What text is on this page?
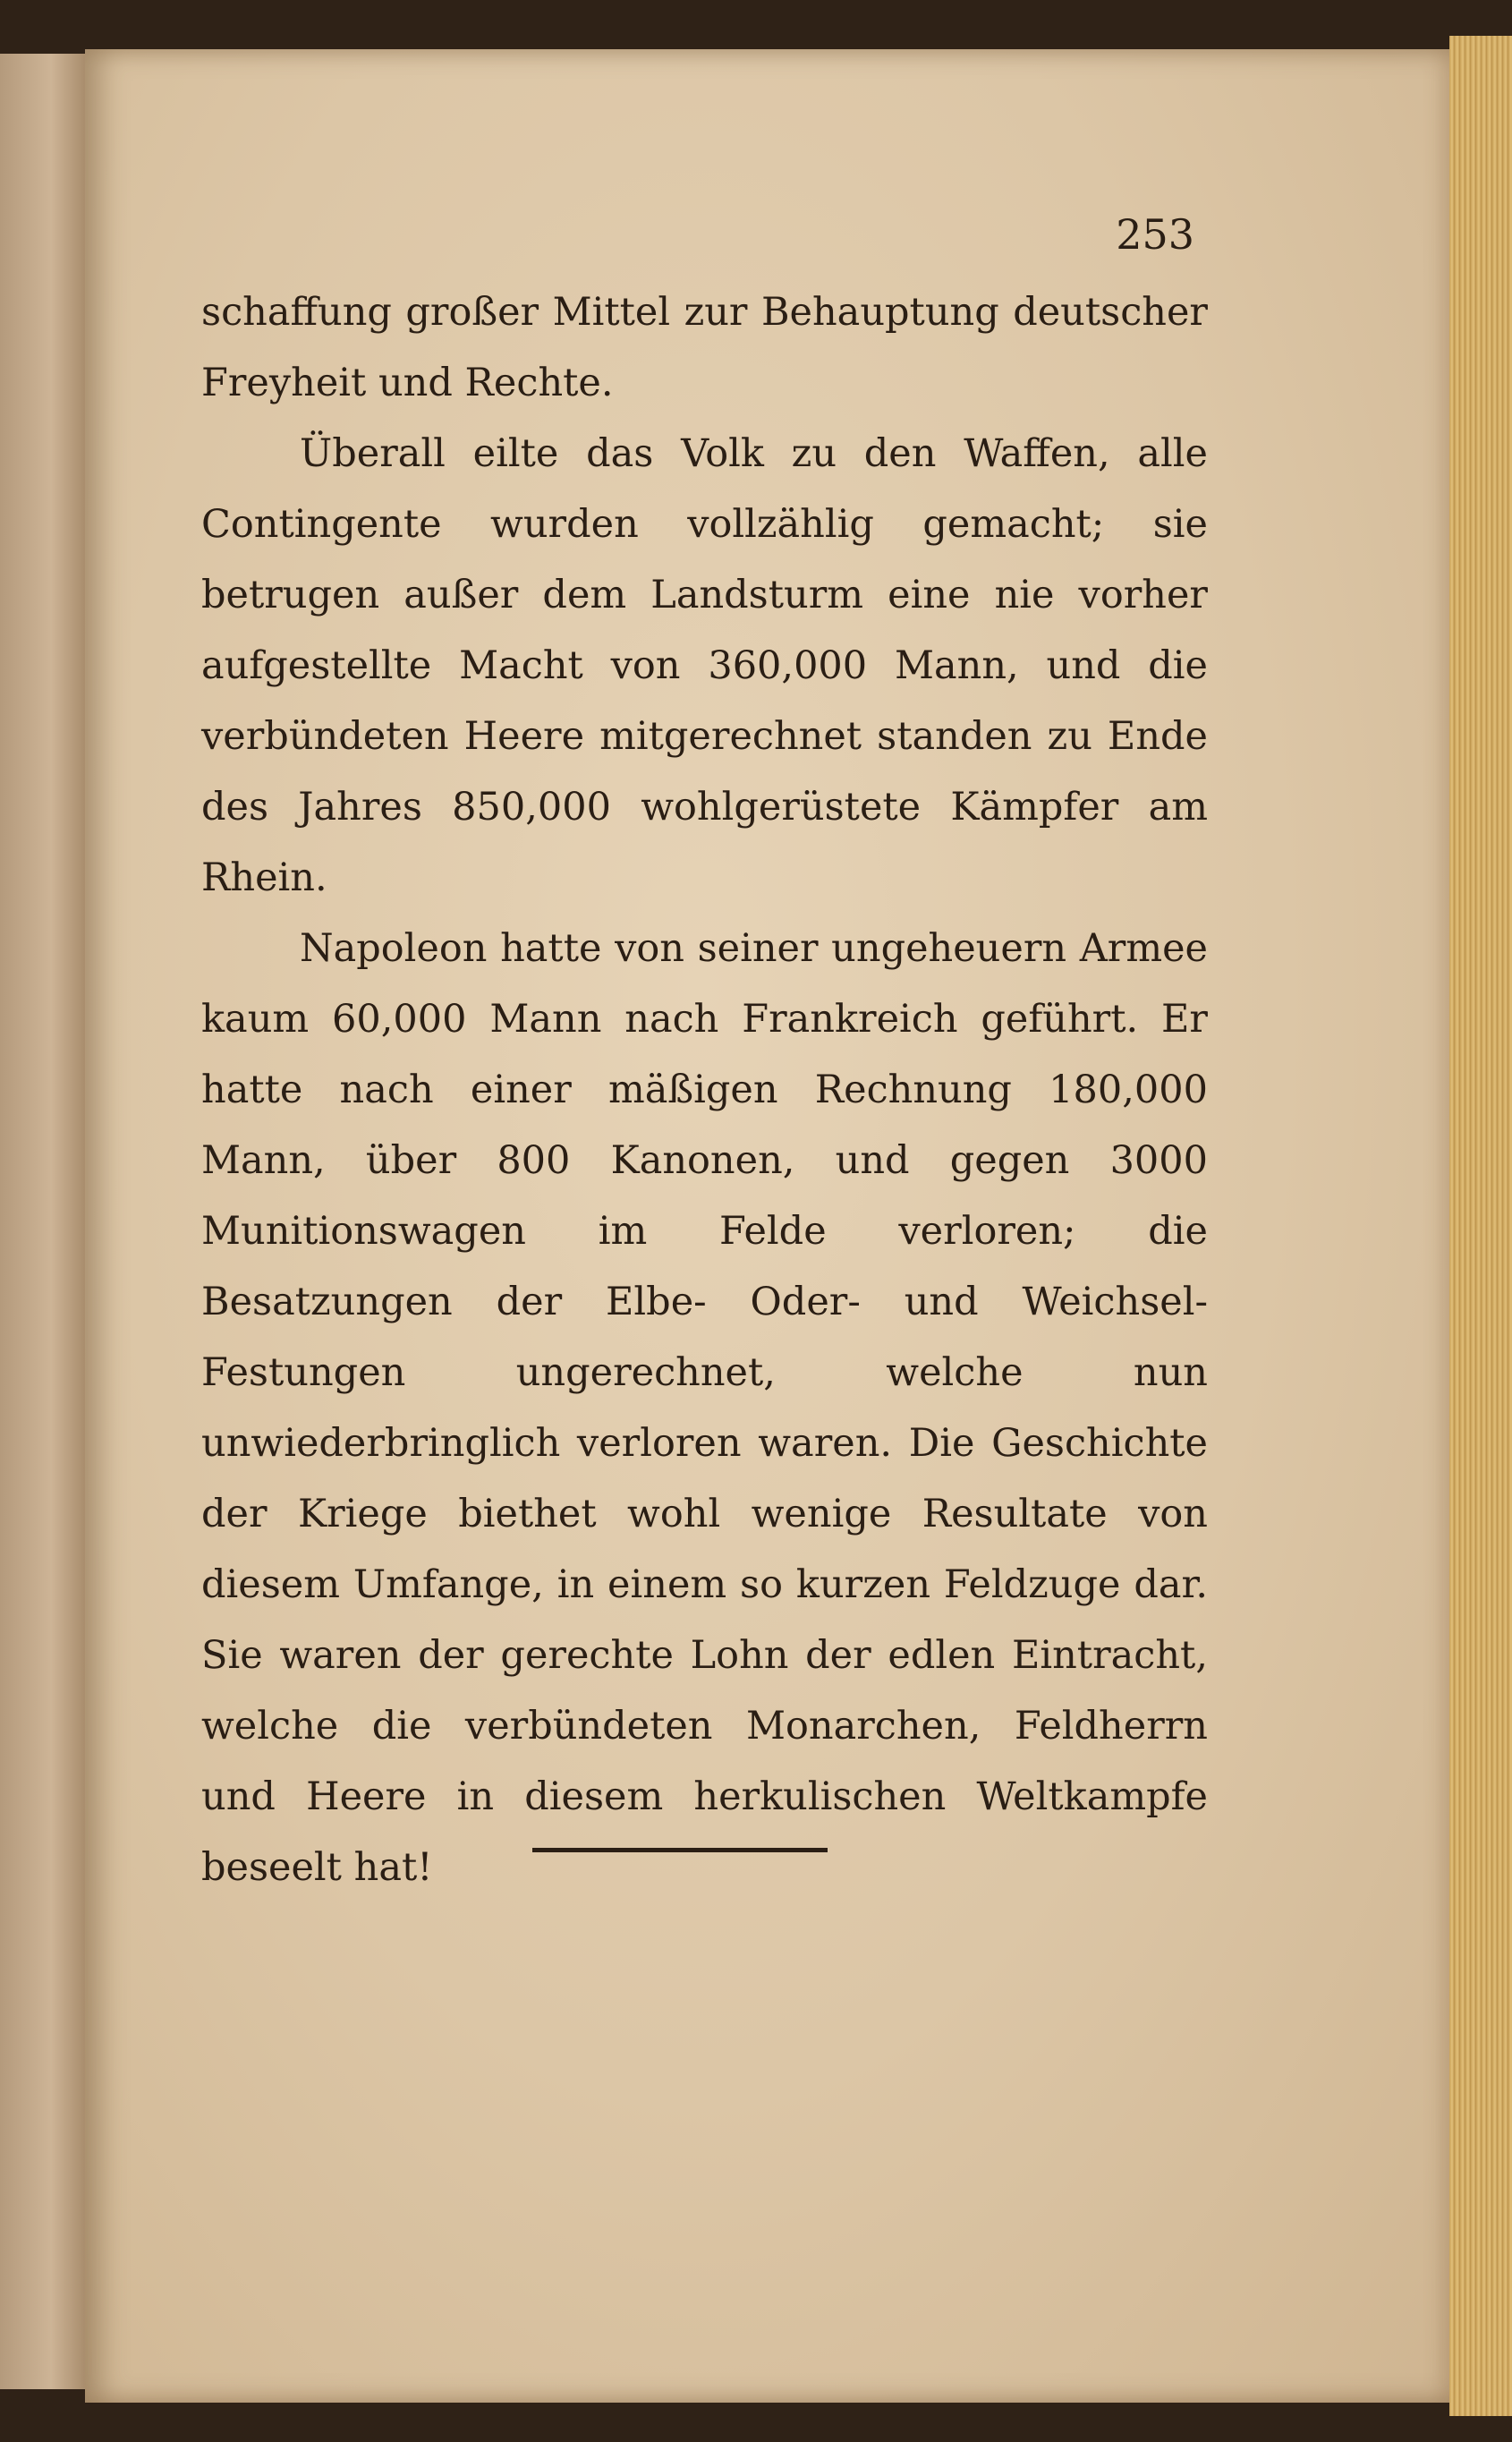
253

schaffung großer Mittel zur Behauptung deutscher Freyheit und Rechte.

Überall eilte das Volk zu den Waffen, alle Contingente wurden vollzählig gemacht; sie betrugen außer dem Landsturm eine nie vorher aufgestellte Macht von 360,000 Mann, und die verbündeten Heere mitgerechnet standen zu Ende des Jahres 850,000 wohlgerüstete Kämpfer am Rhein.

Napoleon hatte von seiner ungeheuern Armee kaum 60,000 Mann nach Frankreich geführt. Er hatte nach einer mäßigen Rechnung 180,000 Mann, über 800 Kanonen, und gegen 3000 Munitionswagen im Felde verloren; die Besatzungen der Elbe- Oder- und Weichsel-Festungen ungerechnet, welche nun unwiederbringlich verloren waren. Die Geschichte der Kriege biethet wohl wenige Resultate von diesem Umfange, in einem so kurzen Feldzuge dar. Sie waren der gerechte Lohn der edlen Eintracht, welche die verbündeten Monarchen, Feldherrn und Heere in diesem herkulischen Weltkampfe beseelt hat!
